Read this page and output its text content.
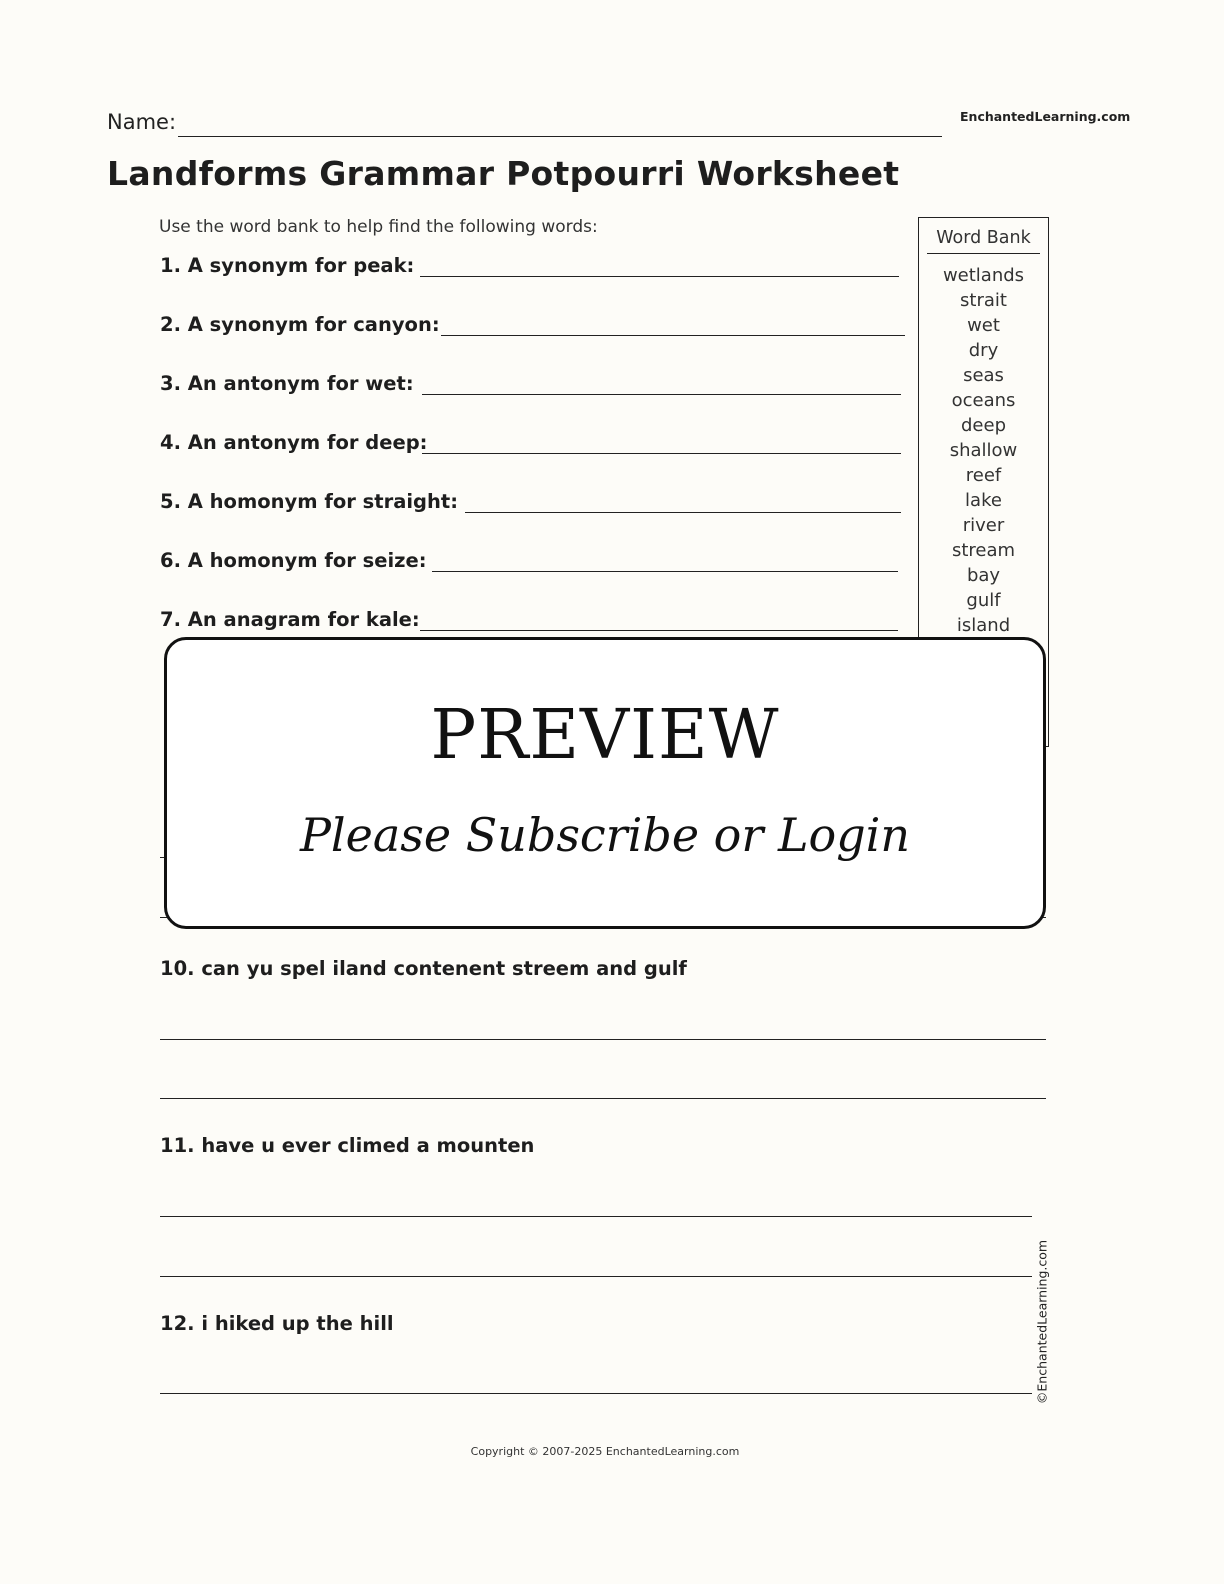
Name:	EnchantedLearning.com
Landforms Grammar Potpourri Worksheet
Use the word bank to help find the following words:
1. A synonym for peak:
2. A synonym for canyon:
3. An antonym for wet:
4. An antonym for deep:
5. A homonym for straight:
6. A homonym for seize:
7. An anagram for kale:
Word Bank
wetlands
strait
wet
dry
seas
oceans
deep
shallow
reef
lake
river
stream
bay
gulf
island
PREVIEW
Please Subscribe or Login
10. can yu spel iland contenent streem and gulf
11. have u ever climed a mounten
12. i hiked up the hill	©EnchantedLearning.com
Copyright © 2007-2025 EnchantedLearning.com
